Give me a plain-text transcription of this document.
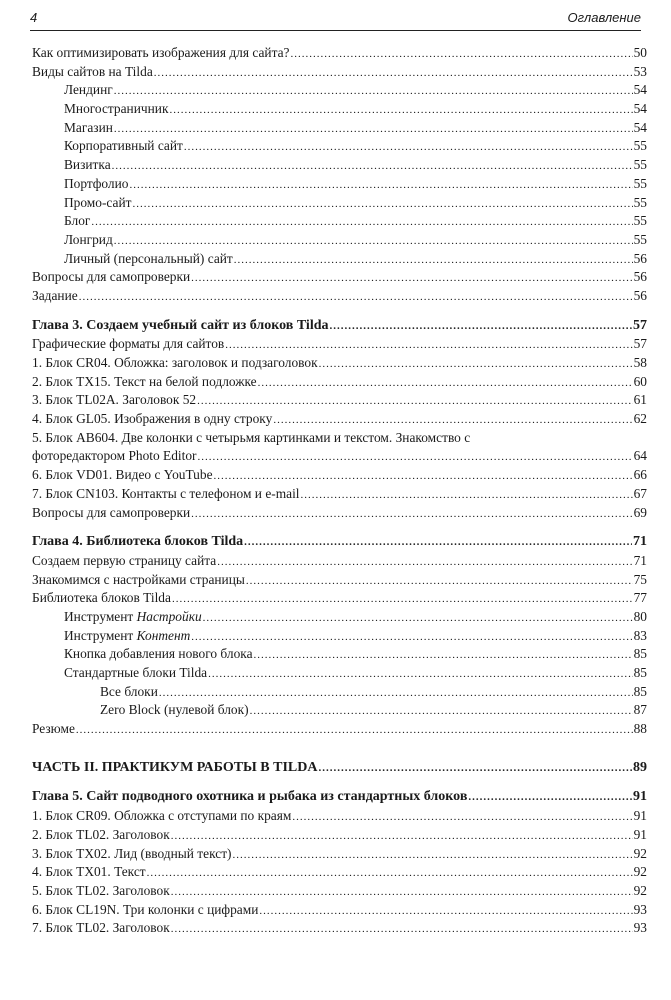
4	Оглавление
Как оптимизировать изображения для сайта? .....	50
Виды сайтов на Tilda .....	53
Лендинг .....	54
Многостраничник .....	54
Магазин .....	54
Корпоративный сайт .....	55
Визитка .....	55
Портфолио .....	55
Промо-сайт .....	55
Блог .....	55
Лонгрид .....	55
Личный (персональный) сайт .....	56
Вопросы для самопроверки .....	56
Задание .....	56
Глава 3. Создаем учебный сайт из блоков Tilda .....	57
Графические форматы для сайтов .....	57
1. Блок CR04. Обложка: заголовок и подзаголовок .....	58
2. Блок TX15. Текст на белой подложке .....	60
3. Блок TL02A. Заголовок 52 .....	61
4. Блок GL05. Изображения в одну строку .....	62
5. Блок AB604. Две колонки с четырьмя картинками и текстом. Знакомство с
фоторедактором Photo Editor .....	64
6. Блок VD01. Видео с YouTube .....	66
7. Блок CN103. Контакты с телефоном и e-mail .....	67
Вопросы для самопроверки .....	69
Глава 4. Библиотека блоков Tilda .....	71
Создаем первую страницу сайта .....	71
Знакомимся с настройками страницы .....	75
Библиотека блоков Tilda .....	77
Инструмент Настройки .....	80
Инструмент Контент .....	83
Кнопка добавления нового блока .....	85
Стандартные блоки Tilda .....	85
Все блоки .....	85
Zero Block (нулевой блок) .....	87
Резюме .....	88
ЧАСТЬ II. ПРАКТИКУМ РАБОТЫ В TILDA .....	89
Глава 5. Сайт подводного охотника и рыбака из стандартных блоков .....	91
1. Блок CR09. Обложка с отступами по краям .....	91
2. Блок TL02. Заголовок .....	91
3. Блок TX02. Лид (вводный текст) .....	92
4. Блок TX01. Текст .....	92
5. Блок TL02. Заголовок .....	92
6. Блок CL19N. Три колонки с цифрами .....	93
7. Блок TL02. Заголовок .....	93
